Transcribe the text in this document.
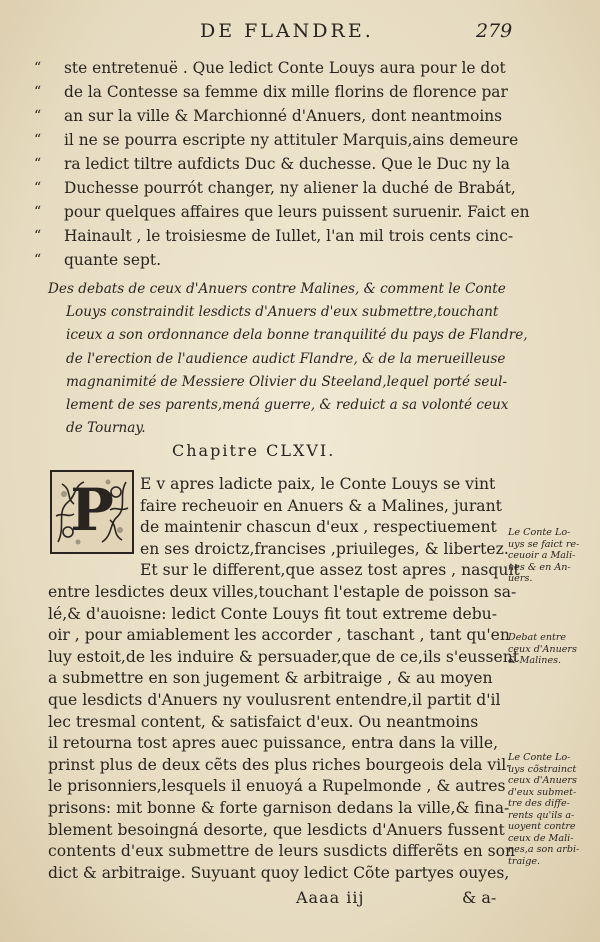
DE FLANDRE.	279
“ ste entretenuë . Que ledict Conte Louys aura pour le dot
“ de la Contesse sa femme dix mille florins de florence par
“ an sur la ville & Marchionné d'Anuers, dont neantmoins
“ il ne se pourra escripte ny attituler Marquis,ains demeure
“ ra ledict tiltre aufdicts Duc & duchesse. Que le Duc ny la
“ Duchesse pourrót changer, ny aliener la duché de Brabát,
“ pour quelques affaires que leurs puissent suruenir. Faict en
“ Hainault , le troisiesme de Iullet, l'an mil trois cents cinc-
“ quante sept.
Des debats de ceux d'Anuers contre Malines, & comment le Conte
Louys constraindit lesdicts d'Anuers d'eux submettre,touchant
iceux a son ordonnance dela bonne tranquilité du pays de Flandre,
de l'erection de l'audience audict Flandre, & de la merueilleuse
magnanimité de Messiere Olivier du Steeland,lequel porté seul-
lement de ses parents,mená guerre, & reduict a sa volonté ceux
de Tournay.
Chapitre CLXVI.
P E v apres ladicte paix, le Conte Louys se vint
faire recheuoir en Anuers & a Malines, jurant
de maintenir chascun d'eux , respectiuement
en ses droictz,francises ,priuileges, & libertez.
Et sur le different,que assez tost apres , nasquit
entre lesdictes deux villes,touchant l'estaple de poisson sa-
lé,& d'auoisne: ledict Conte Louys fit tout extreme debu-
oir , pour amiablement les accorder , taschant , tant qu'en
luy estoit,de les induire & persuader,que de ce,ils s'eussent
a submettre en son jugement & arbitraige , & au moyen
que lesdicts d'Anuers ny voulusrent entendre,il partit d'il
lec tresmal content, & satisfaict d'eux. Ou neantmoins
il retourna tost apres auec puissance, entra dans la ville,
prinst plus de deux cẽts des plus riches bourgeois dela vil-
le prisonniers,lesquels il enuoyá a Rupelmonde , & autres
prisons: mit bonne & forte garnison dedans la ville,& fina-
blement besoingná desorte, que lesdicts d'Anuers fussent
contents d'eux submettre de leurs susdicts differẽts en son
dict & arbitraige. Suyuant quoy ledict Cõte partyes ouyes,
Le Conte Lo-
uys se faict re-
ceuoir a Mali-
nes & en An-
uers.
Debat entre
ceux d'Anuers
& Malines.
Le Conte Lo-
uys cõstrainct
ceux d'Anuers
d'eux submet-
tre des diffe-
rents qu'ils a-
uoyent contre
ceux de Mali-
nes,a son arbi-
traige.
Aaaa iij	& a-
